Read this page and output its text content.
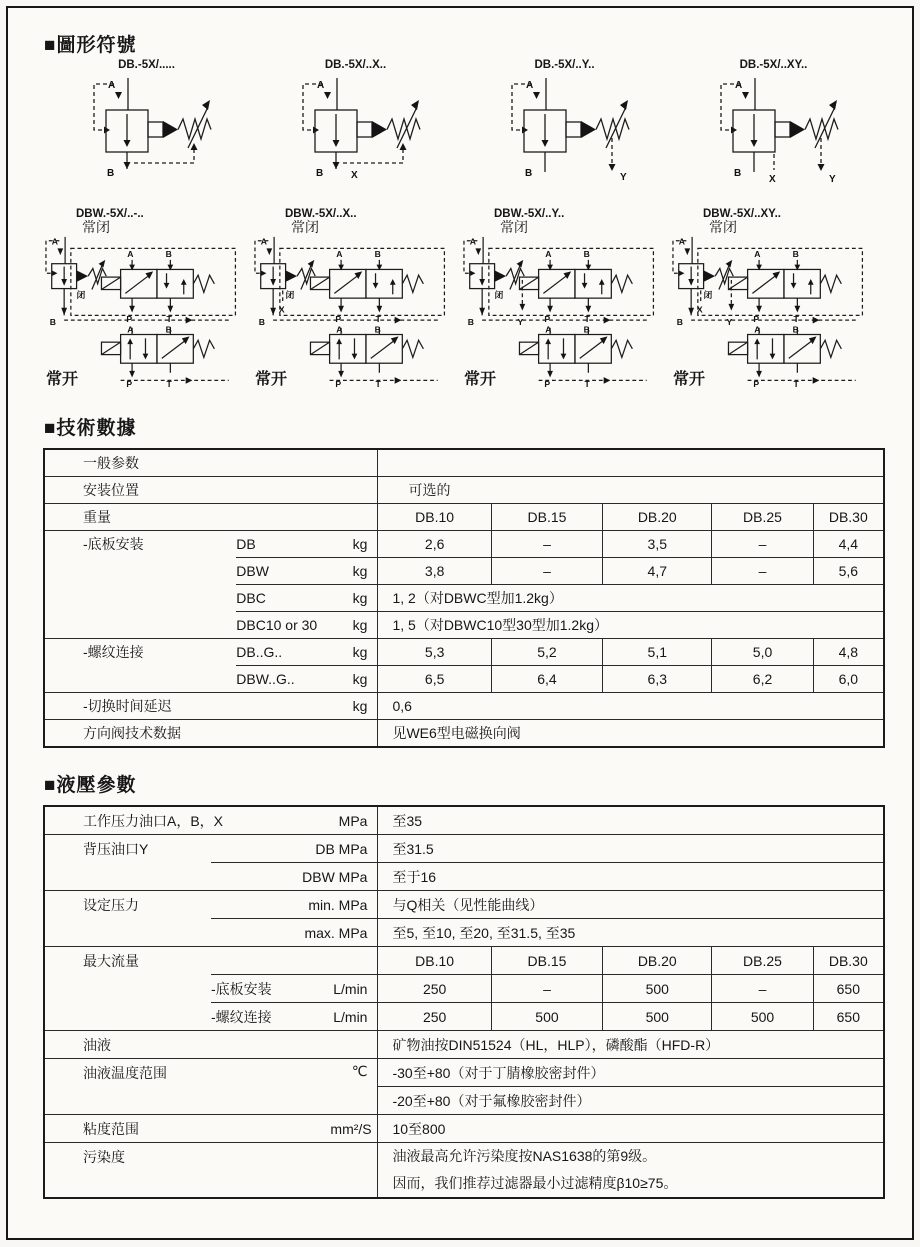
■圖形符號
DB.-5X/.....
A
B
DB.-5X/..X..
A
B	X
DB.-5X/..Y..
A
B	Y
DB.-5X/..XY..
A
B
X	Y
DBW.-5X/..-..
常闭
A
B
闭
A	B
P	T
A	B
P	T
常开
DBW.-5X/..X..
常闭
A
B
闭
X
A	B
P	T
A	B
P	T
常开
DBW.-5X/..Y..
常闭
A
B
闭
Y
A	B
P	T
A	B
P	T
常开
DBW.-5X/..XY..
常闭
A
B
闭
X
Y
A	B
P	T
A	B
P	T
常开
■技術數據
一般参数							
安装位置			可选的				
重量			DB.10	DB.15	DB.20	DB.25	DB.30
-底板安装	DB	kg	2,6	–	3,5	–	4,4
	DBW	kg	3,8	–	4,7	–	5,6
	DBC	kg	1, 2（对DBWC型加1.2kg）				
	DBC10 or 30	kg	1, 5（对DBWC10型30型加1.2kg）				
-螺纹连接	DB..G..	kg	5,3	5,2	5,1	5,0	4,8
	DBW..G..	kg	6,5	6,4	6,3	6,2	6,0
-切换时间延迟		kg	0,6				
方向阀技术数据			见WE6型电磁换向阀				
■液壓參數
工作压力油口A，B，X		MPa	至35				
背压油口Y	DB MPa		至31.5				
	DBW MPa		至于16				
设定压力	min. MPa		与Q相关（见性能曲线）				
	max. MPa		至5, 至10, 至20, 至31.5, 至35				
最大流量			DB.10	DB.15	DB.20	DB.25	DB.30
	-底板安装	L/min	250	–	500	–	650
	-螺纹连接	L/min	250	500	500	500	650
油液			矿物油按DIN51524（HL，HLP），磷酸酯（HFD-R）				
油液温度范围		℃	-30至+80（对于丁腈橡胶密封件）				
			-20至+80（对于氟橡胶密封件）				
粘度范围		mm²/S	10至800				
污染度			油液最高允许污染度按NAS1638的第9级。
因而，我们推荐过滤器最小过滤精度β10≥75。				
